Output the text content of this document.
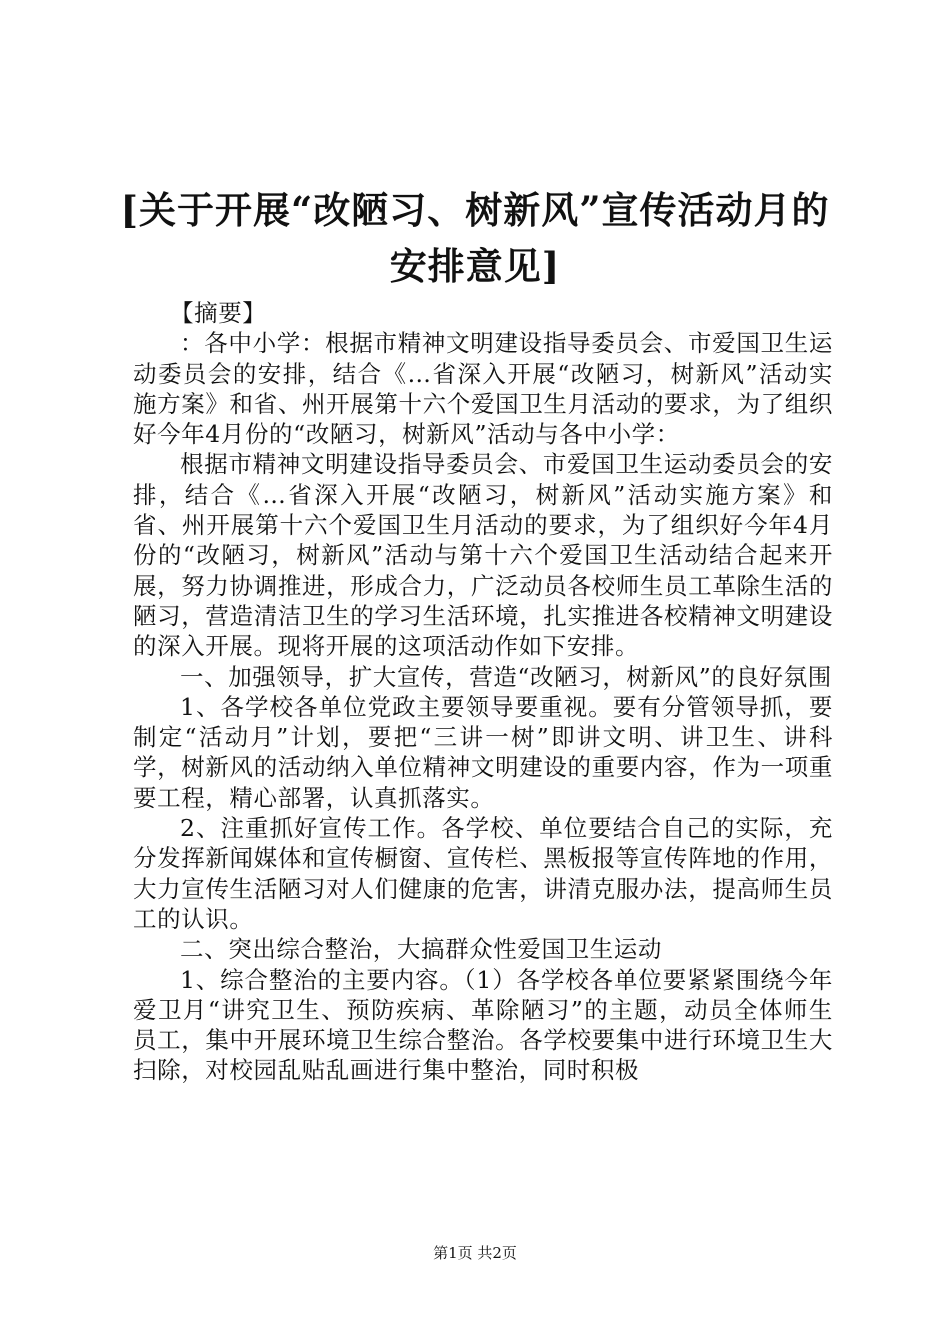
[关于开展“改陋习、树新风”宣传活动月的安排意见]

【摘要】

：各中小学：根据市精神文明建设指导委员会、市爱国卫生运动委员会的安排，结合《…省深入开展“改陋习，树新风”活动实施方案》和省、州开展第十六个爱国卫生月活动的要求，为了组织好今年4月份的“改陋习，树新风”活动与各中小学：

根据市精神文明建设指导委员会、市爱国卫生运动委员会的安排，结合《…省深入开展“改陋习，树新风”活动实施方案》和省、州开展第十六个爱国卫生月活动的要求，为了组织好今年4月份的“改陋习，树新风”活动与第十六个爱国卫生活动结合起来开展，努力协调推进，形成合力，广泛动员各校师生员工革除生活的陋习，营造清洁卫生的学习生活环境，扎实推进各校精神文明建设的深入开展。现将开展的这项活动作如下安排。

一、加强领导，扩大宣传，营造“改陋习，树新风”的良好氛围

1、各学校各单位党政主要领导要重视。要有分管领导抓，要制定“活动月”计划，要把“三讲一树”即讲文明、讲卫生、讲科学，树新风的活动纳入单位精神文明建设的重要内容，作为一项重要工程，精心部署，认真抓落实。

2、注重抓好宣传工作。各学校、单位要结合自己的实际，充分发挥新闻媒体和宣传橱窗、宣传栏、黑板报等宣传阵地的作用，大力宣传生活陋习对人们健康的危害，讲清克服办法，提高师生员工的认识。

二、突出综合整治，大搞群众性爱国卫生运动

1、综合整治的主要内容。（1）各学校各单位要紧紧围绕今年爱卫月“讲究卫生、预防疾病、革除陋习”的主题，动员全体师生员工，集中开展环境卫生综合整治。各学校要集中进行环境卫生大扫除，对校园乱贴乱画进行集中整治，同时积极

第1页 共2页
